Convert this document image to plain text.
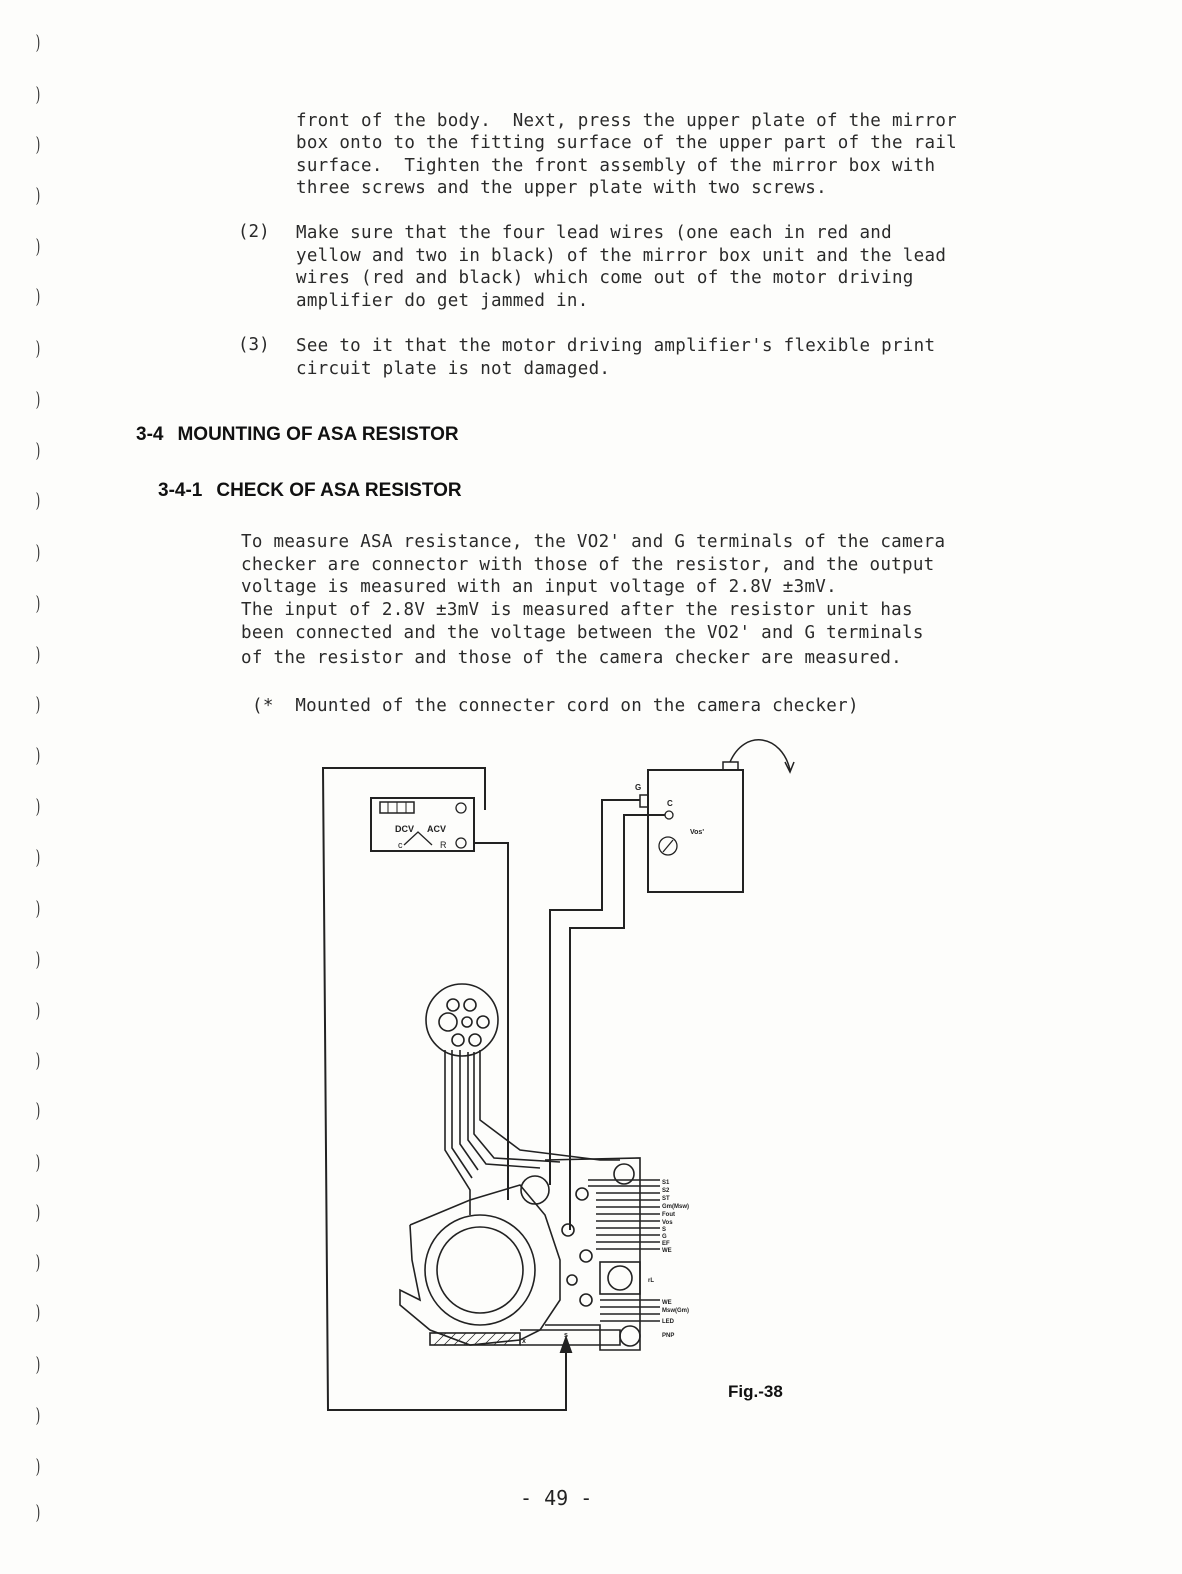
)
)
)
)
)
)
)
)
)
)
)
)
)
)
)
)
)
)
)
)
)
)
)
)
)
)
)
)
)
)
front of the body.  Next, press the upper plate of the mirror
box onto to the fitting surface of the upper part of the rail
surface.  Tighten the front assembly of the mirror box with
three screws and the upper plate with two screws.
(2) Make sure that the four lead wires (one each in red and
yellow and two in black) of the mirror box unit and the lead
wires (red and black) which come out of the motor driving
amplifier do get jammed in.
(3) See to it that the motor driving amplifier's flexible print
circuit plate is not damaged.
3-4 MOUNTING OF ASA RESISTOR
3-4-1 CHECK OF ASA RESISTOR
To measure ASA resistance, the VO2' and G terminals of the camera
checker are connector with those of the resistor, and the output
voltage is measured with an input voltage of 2.8V ±3mV.
The input of 2.8V ±3mV is measured after the resistor unit has
been connected and the voltage between the VO2' and G terminals
of the resistor and those of the camera checker are measured.
(*  Mounted of the connecter cord on the camera checker)
DCV ACV
c	R
G
C
Vos'
S1
S2
ST
Gm(Msw)
Fout
Vos
S
G
EF
WE
rL
WE
Msw(Gm)
LED
PNP
x
s
Fig.-38
- 49 -
